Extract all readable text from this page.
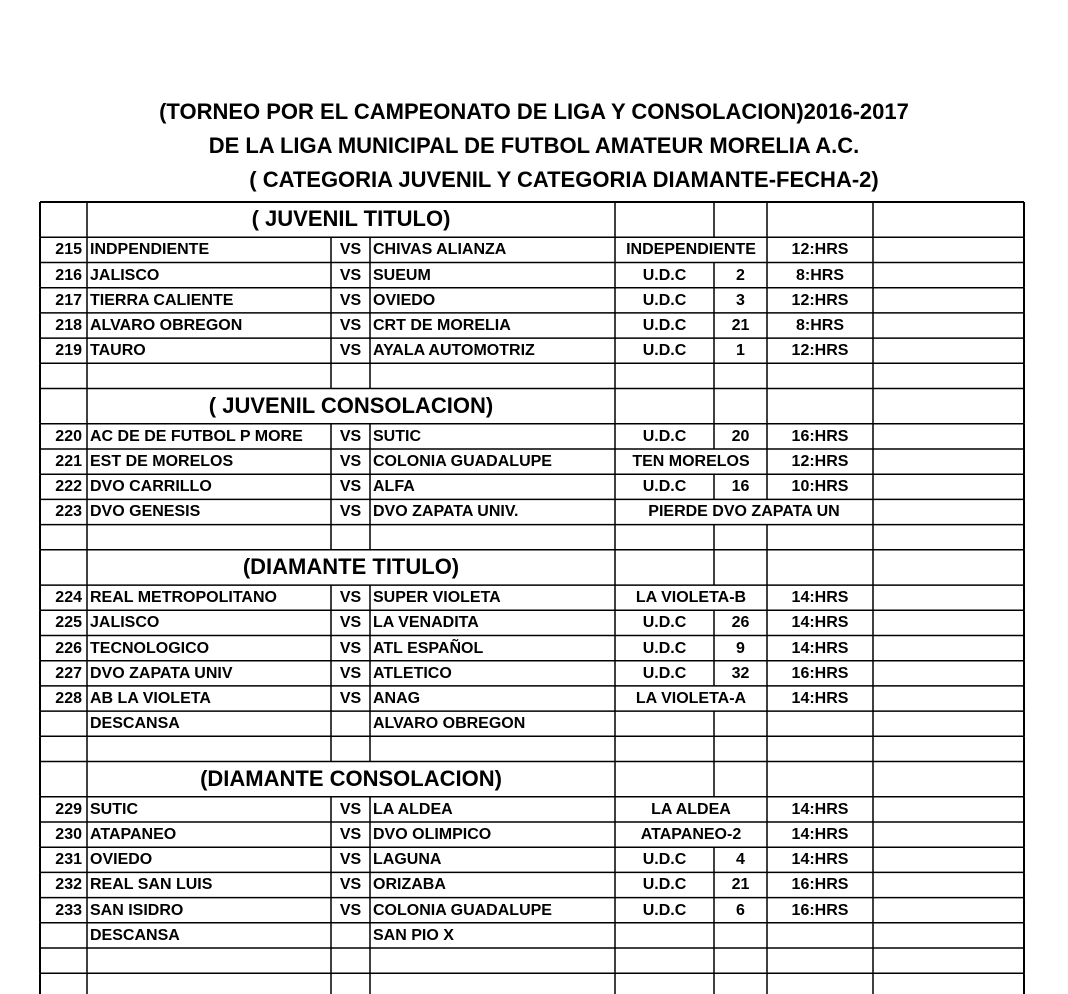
(TORNEO POR EL CAMPEONATO DE LIGA Y CONSOLACION)2016-2017
DE LA LIGA MUNICIPAL DE FUTBOL AMATEUR MORELIA A.C.
( CATEGORIA JUVENIL Y CATEGORIA DIAMANTE-FECHA-2)
( JUVENIL TITULO)
215 INDPENDIENTE	VS CHIVAS ALIANZA	INDEPENDIENTE	12:HRS
216 JALISCO	VS SUEUM	U.D.C	2	8:HRS
217 TIERRA CALIENTE	VS OVIEDO	U.D.C	3	12:HRS
218 ALVARO OBREGON	VS CRT DE MORELIA	U.D.C	21	8:HRS
219 TAURO	VS AYALA AUTOMOTRIZ	U.D.C	1	12:HRS
( JUVENIL CONSOLACION)
220 AC DE DE FUTBOL P MORE	VS SUTIC	U.D.C	20	16:HRS
221 EST DE MORELOS	VS COLONIA GUADALUPE	TEN MORELOS	12:HRS
222 DVO CARRILLO	VS ALFA	U.D.C	16	10:HRS
223 DVO GENESIS	VS DVO ZAPATA UNIV.	PIERDE DVO ZAPATA UN
(DIAMANTE TITULO)
224 REAL METROPOLITANO	VS SUPER VIOLETA	LA VIOLETA-B	14:HRS
225 JALISCO	VS LA VENADITA	U.D.C	26	14:HRS
226 TECNOLOGICO	VS ATL ESPAÑOL	U.D.C	9	14:HRS
227 DVO ZAPATA UNIV	VS ATLETICO	U.D.C	32	16:HRS
228 AB LA VIOLETA	VS ANAG	LA VIOLETA-A	14:HRS
DESCANSA	ALVARO OBREGON
(DIAMANTE CONSOLACION)
229 SUTIC	VS LA ALDEA	LA ALDEA	14:HRS
230 ATAPANEO	VS DVO OLIMPICO	ATAPANEO-2	14:HRS
231 OVIEDO	VS LAGUNA	U.D.C	4	14:HRS
232 REAL SAN LUIS	VS ORIZABA	U.D.C	21	16:HRS
233 SAN ISIDRO	VS COLONIA GUADALUPE	U.D.C	6	16:HRS
DESCANSA	SAN PIO X
